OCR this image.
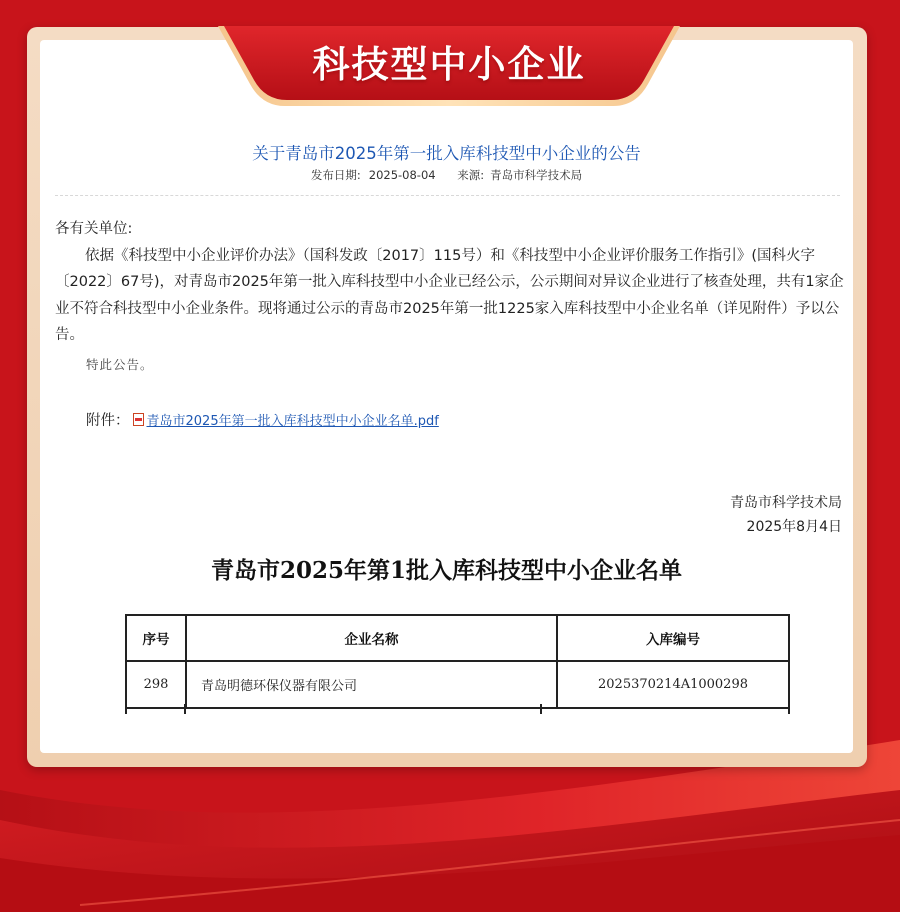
科技型中小企业
关于青岛市2025年第一批入库科技型中小企业的公告
发布日期: 2025-08-04 来源: 青岛市科学技术局

各有关单位:

依据《科技型中小企业评价办法》（国科发政〔2017〕115号）和《科技型中小企业评价服务工作指引》(国科火字〔2022〕67号)，对青岛市2025年第一批入库科技型中小企业已经公示，公示期间对异议企业进行了核查处理，共有1家企业不符合科技型中小企业条件。现将通过公示的青岛市2025年第一批1225家入库科技型中小企业名单（详见附件）予以公告。

特此公告。
附件： 青岛市2025年第一批入库科技型中小企业名单.pdf
青岛市科学技术局
2025年8月4日
青岛市2025年第1批入库科技型中小企业名单
序号	企业名称	入库编号
298	青岛明德环保仪器有限公司	2025370214A1000298
